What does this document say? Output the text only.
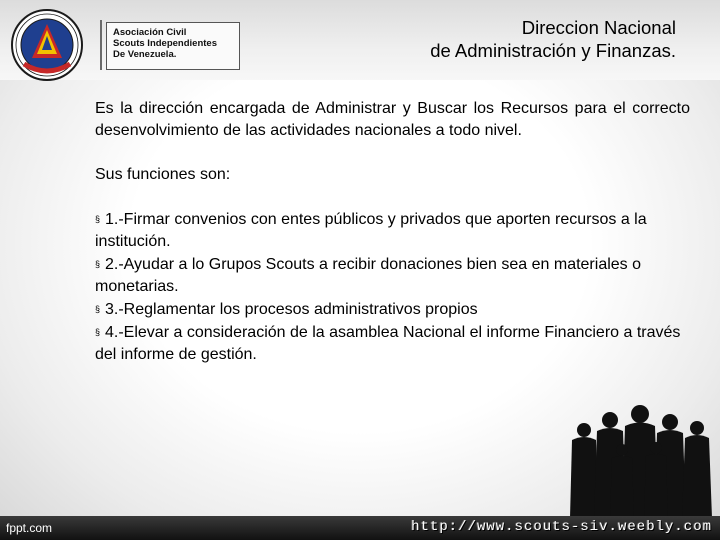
Asociación Civil
Scouts Independientes
De Venezuela.
Direccion Nacional
de Administración y Finanzas.

Es la dirección encargada de Administrar y Buscar los Recursos para el correcto desenvolvimiento de las actividades nacionales a todo nivel.

Sus funciones son:

§ 1.-Firmar convenios con entes públicos y privados que aporten recursos a la institución.

§ 2.-Ayudar a lo Grupos Scouts a recibir donaciones bien sea en materiales o monetarias.

§ 3.-Reglamentar los procesos administrativos propios

§ 4.-Elevar a consideración de la asamblea Nacional el informe Financiero a través del informe de gestión.

fppt.com	http://www.scouts-siv.weebly.com
